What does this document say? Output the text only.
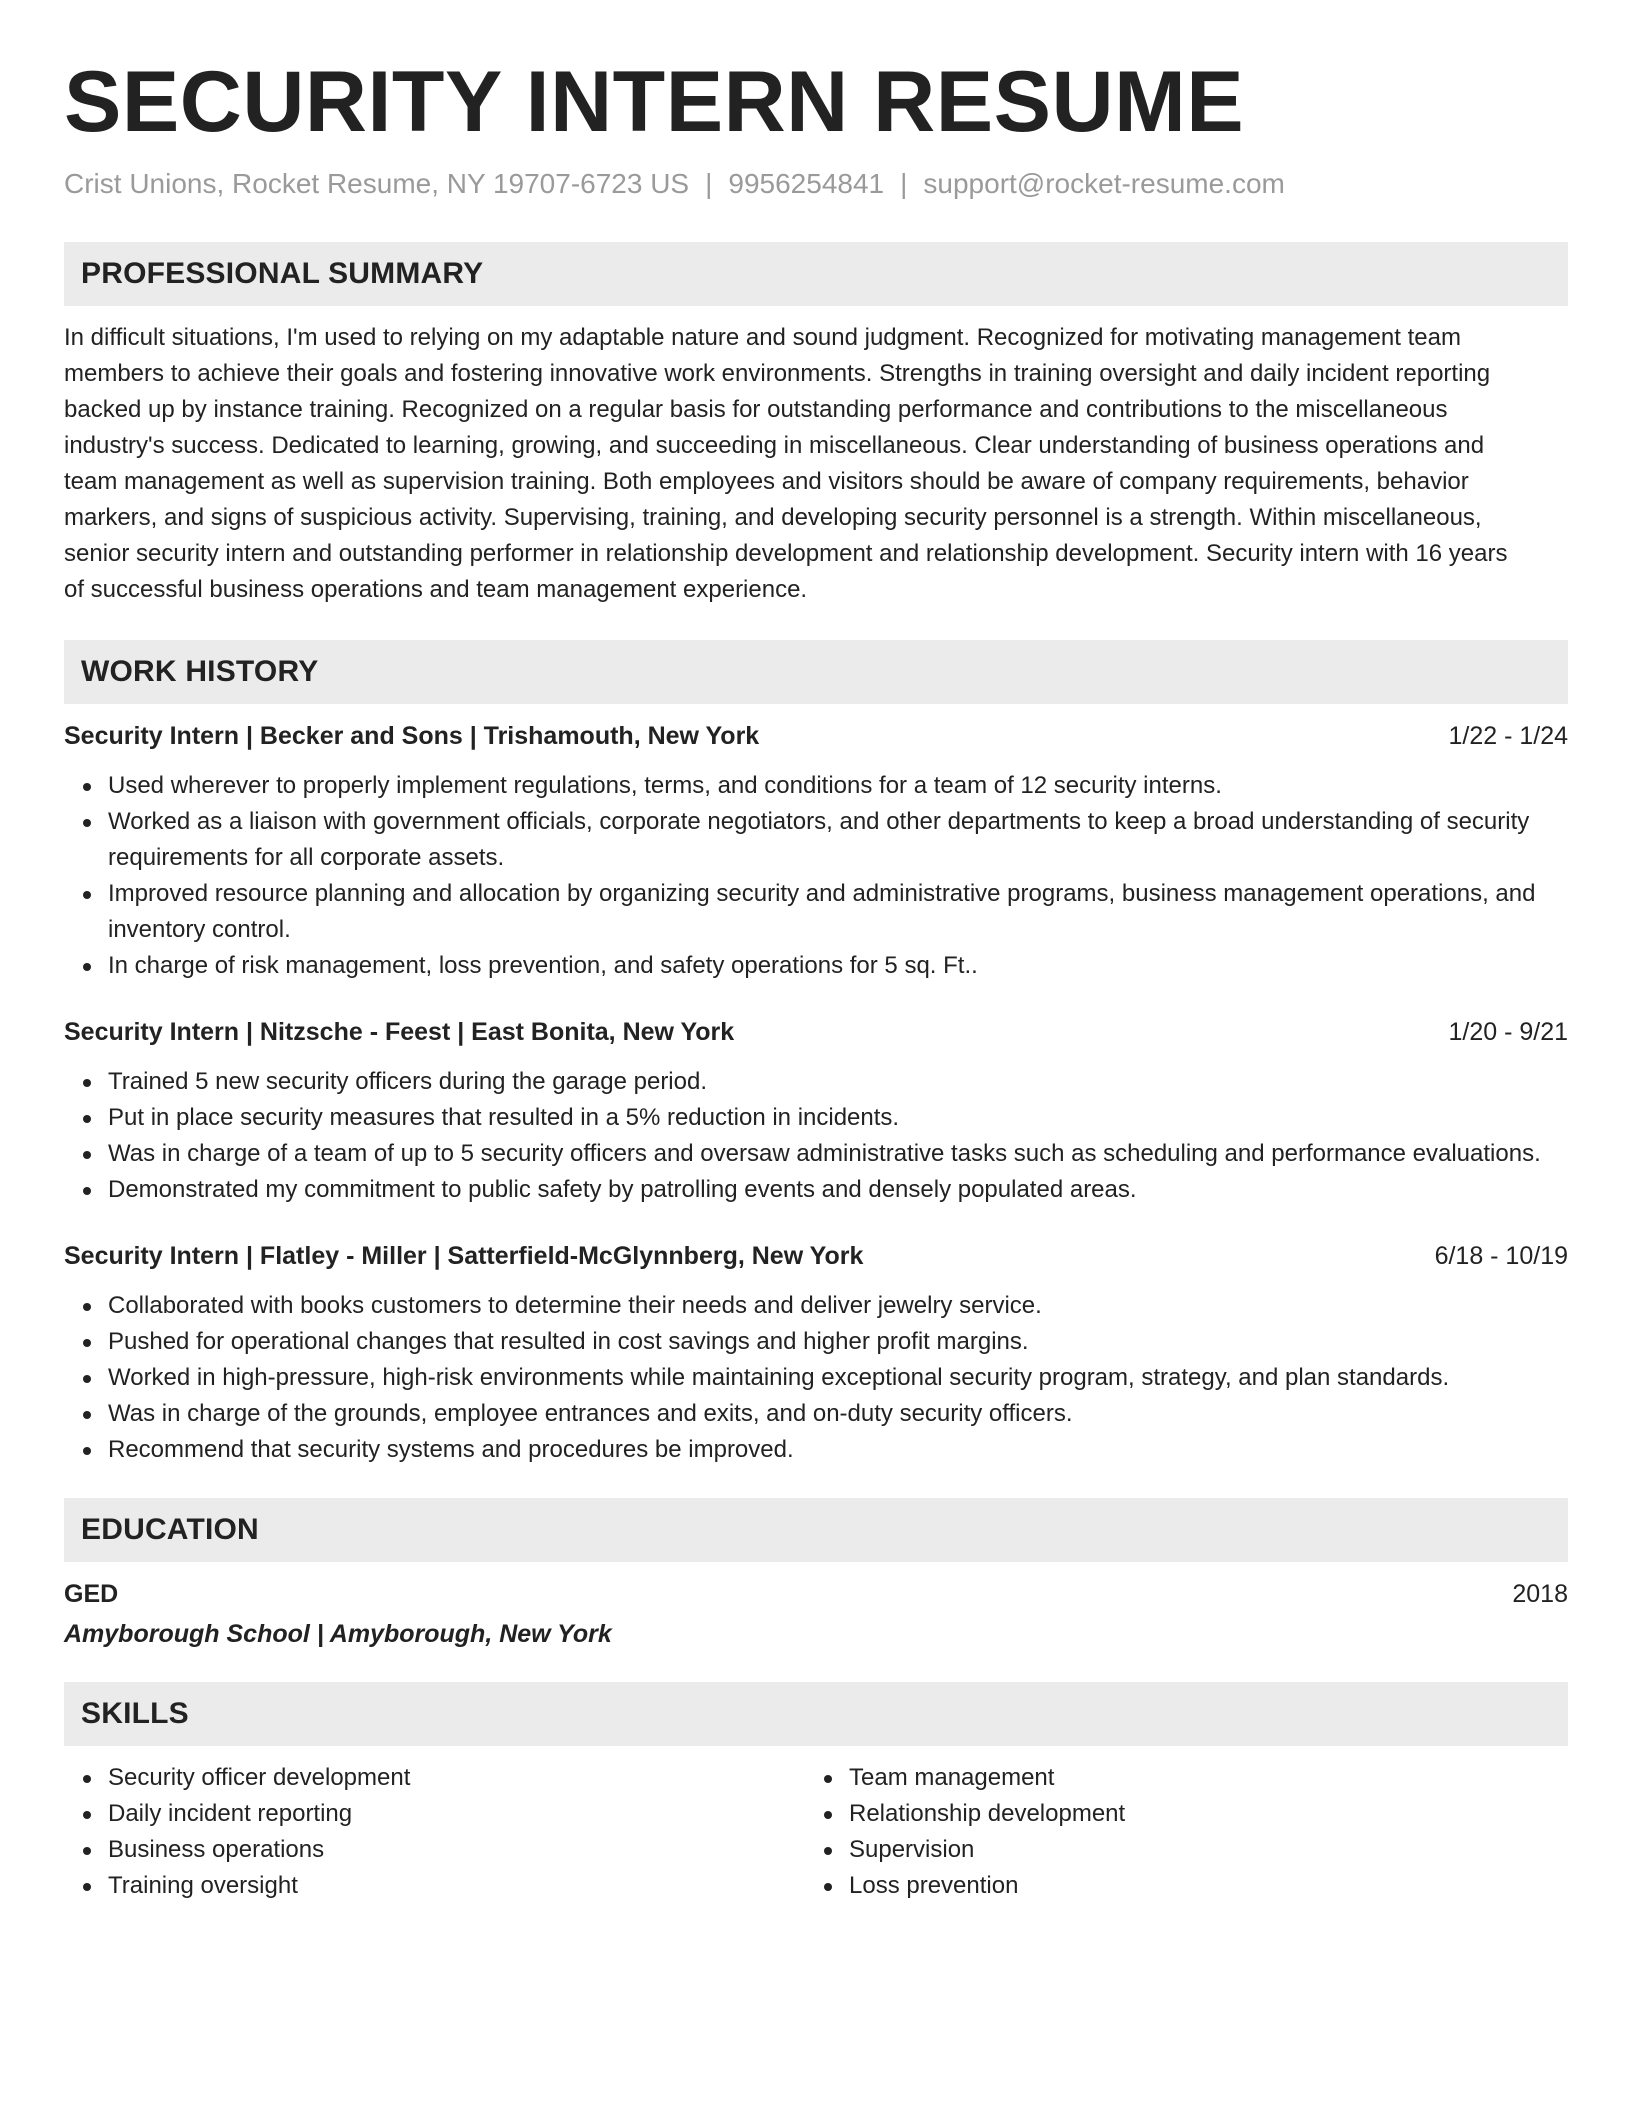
SECURITY INTERN RESUME
Crist Unions, Rocket Resume, NY 19707-6723 US | 9956254841 | support@rocket-resume.com
PROFESSIONAL SUMMARY
In difficult situations, I'm used to relying on my adaptable nature and sound judgment. Recognized for motivating management team
members to achieve their goals and fostering innovative work environments. Strengths in training oversight and daily incident reporting
backed up by instance training. Recognized on a regular basis for outstanding performance and contributions to the miscellaneous
industry's success. Dedicated to learning, growing, and succeeding in miscellaneous. Clear understanding of business operations and
team management as well as supervision training. Both employees and visitors should be aware of company requirements, behavior
markers, and signs of suspicious activity. Supervising, training, and developing security personnel is a strength. Within miscellaneous,
senior security intern and outstanding performer in relationship development and relationship development. Security intern with 16 years
of successful business operations and team management experience.
WORK HISTORY
Security Intern | Becker and Sons | Trishamouth, New York	1/22 - 1/24
Used wherever to properly implement regulations, terms, and conditions for a team of 12 security interns.
Worked as a liaison with government officials, corporate negotiators, and other departments to keep a broad understanding of security requirements for all corporate assets.
Improved resource planning and allocation by organizing security and administrative programs, business management operations, and inventory control.
In charge of risk management, loss prevention, and safety operations for 5 sq. Ft..
Security Intern | Nitzsche - Feest | East Bonita, New York	1/20 - 9/21
Trained 5 new security officers during the garage period.
Put in place security measures that resulted in a 5% reduction in incidents.
Was in charge of a team of up to 5 security officers and oversaw administrative tasks such as scheduling and performance evaluations.
Demonstrated my commitment to public safety by patrolling events and densely populated areas.
Security Intern | Flatley - Miller | Satterfield-McGlynnberg, New York	6/18 - 10/19
Collaborated with books customers to determine their needs and deliver jewelry service.
Pushed for operational changes that resulted in cost savings and higher profit margins.
Worked in high-pressure, high-risk environments while maintaining exceptional security program, strategy, and plan standards.
Was in charge of the grounds, employee entrances and exits, and on-duty security officers.
Recommend that security systems and procedures be improved.
EDUCATION
GED	2018
Amyborough School | Amyborough, New York
SKILLS
Security officer development
Daily incident reporting
Business operations
Training oversight
Team management
Relationship development
Supervision
Loss prevention
